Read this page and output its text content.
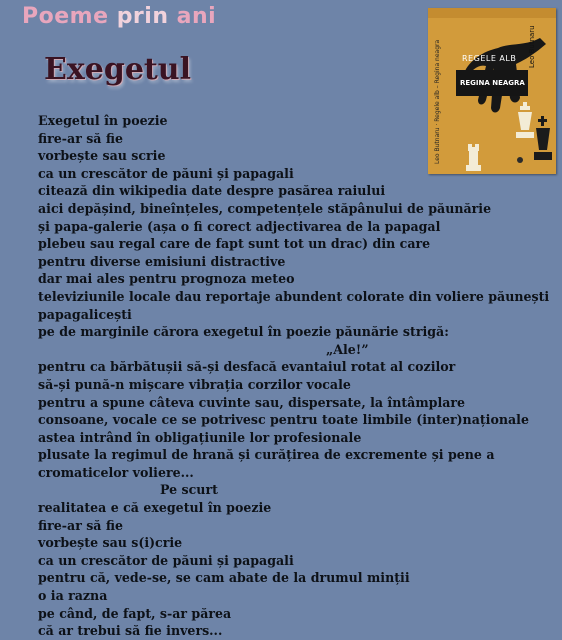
Poeme prin ani
Exegetul	REGELE ALB
REGINA NEAGRA
Leo Butnaru
Leo Butnaru · Regele alb – Regina neagra
Exegetul în poezie
fire-ar să fie
vorbește sau scrie
ca un crescător de păuni și papagali
citează din wikipedia date despre pasărea raiului
aici depășind, bineînțeles, competențele stăpânului de păunărie
și papa-galerie (așa o fi corect adjectivarea de la papagal
plebeu sau regal care de fapt sunt tot un drac) din care
pentru diverse emisiuni distractive
dar mai ales pentru prognoza meteo
televiziunile locale dau reportaje abundent colorate din voliere păunești
papagalicești
pe de marginile cărora exegetul în poezie păunărie strigă:
„Ale!”
pentru ca bărbătușii să-și desfacă evantaiul rotat al cozilor
să-și pună-n mișcare vibrația corzilor vocale
pentru a spune câteva cuvinte sau, dispersate, la întâmplare
consoane, vocale ce se potrivesc pentru toate limbile (inter)naționale
astea intrând în obligațiunile lor profesionale
plusate la regimul de hrană și curățirea de excremente și pene a
cromaticelor voliere...
Pe scurt
realitatea e că exegetul în poezie
fire-ar să fie
vorbește sau s(i)crie
ca un crescător de păuni și papagali
pentru că, vede-se, se cam abate de la drumul minții
o ia razna
pe când, de fapt, s-ar părea
că ar trebui să fie invers...
